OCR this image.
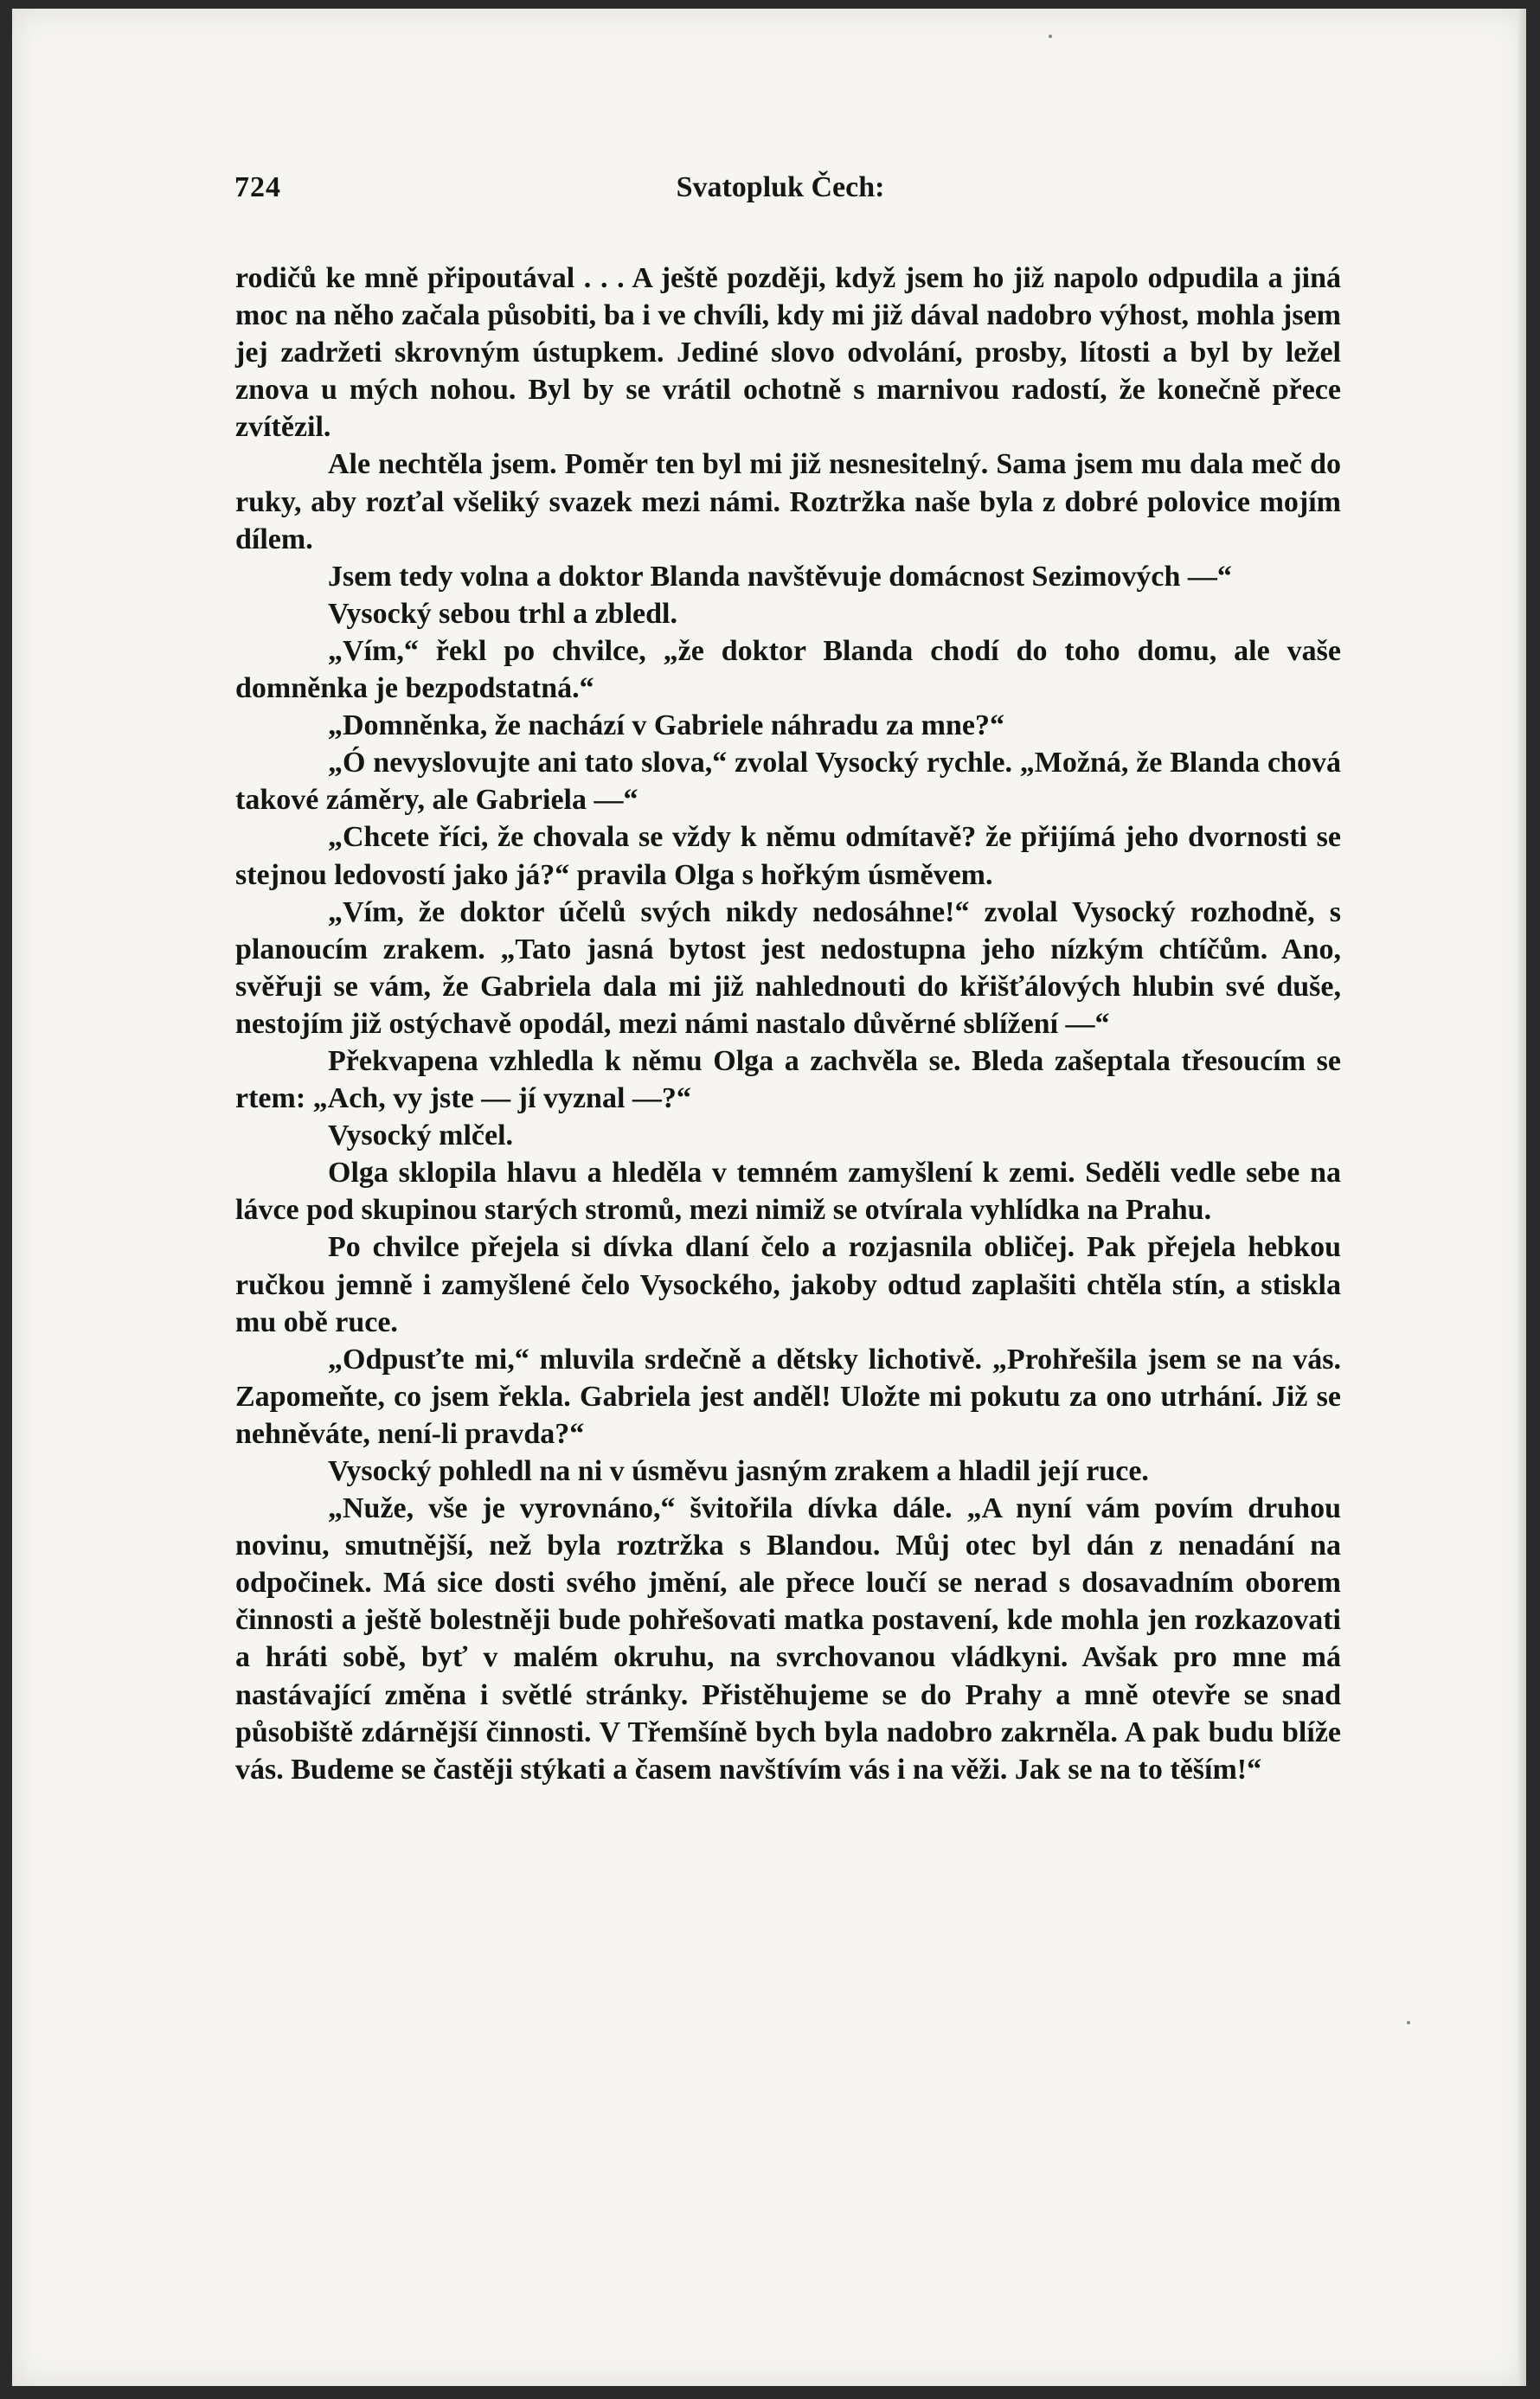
724	Svatopluk Čech:

rodičů ke mně připoutával . . . A ještě později, když jsem ho již napolo odpudila a jiná moc na něho začala působiti, ba i ve chvíli, kdy mi již dával nadobro výhost, mohla jsem jej zadržeti skrovným ústupkem. Jediné slovo odvolání, prosby, lítosti a byl by ležel znova u mých nohou. Byl by se vrátil ochotně s marnivou radostí, že konečně přece zvítězil.

Ale nechtěla jsem. Poměr ten byl mi již nesnesitelný. Sama jsem mu dala meč do ruky, aby rozťal všeliký svazek mezi námi. Roztržka naše byla z dobré polovice mojím dílem.

Jsem tedy volna a doktor Blanda navštěvuje domácnost Sezimových —“

Vysocký sebou trhl a zbledl.

„Vím,“ řekl po chvilce, „že doktor Blanda chodí do toho domu, ale vaše domněnka je bezpodstatná.“

„Domněnka, že nachází v Gabriele náhradu za mne?“

„Ó nevyslovujte ani tato slova,“ zvolal Vysocký rychle. „Možná, že Blanda chová takové záměry, ale Gabriela —“

„Chcete říci, že chovala se vždy k němu odmítavě? že přijímá jeho dvornosti se stejnou ledovostí jako já?“ pravila Olga s hořkým úsměvem.

„Vím, že doktor účelů svých nikdy nedosáhne!“ zvolal Vysocký rozhodně, s planoucím zrakem. „Tato jasná bytost jest nedostupna jeho nízkým chtíčům. Ano, svěřuji se vám, že Gabriela dala mi již nahlednouti do křišťálových hlubin své duše, nestojím již ostýchavě opodál, mezi námi nastalo důvěrné sblížení —“

Překvapena vzhledla k němu Olga a zachvěla se. Bleda zašeptala třesoucím se rtem: „Ach, vy jste — jí vyznal —?“

Vysocký mlčel.

Olga sklopila hlavu a hleděla v temném zamyšlení k zemi. Seděli vedle sebe na lávce pod skupinou starých stromů, mezi nimiž se otvírala vyhlídka na Prahu.

Po chvilce přejela si dívka dlaní čelo a rozjasnila obličej. Pak přejela hebkou ručkou jemně i zamyšlené čelo Vysockého, jakoby odtud zaplašiti chtěla stín, a stiskla mu obě ruce.

„Odpusťte mi,“ mluvila srdečně a dětsky lichotivě. „Prohřešila jsem se na vás. Zapomeňte, co jsem řekla. Gabriela jest anděl! Uložte mi pokutu za ono utrhání. Již se nehněváte, není-li pravda?“

Vysocký pohledl na ni v úsměvu jasným zrakem a hladil její ruce.

„Nuže, vše je vyrovnáno,“ švitořila dívka dále. „A nyní vám povím druhou novinu, smutnější, než byla roztržka s Blandou. Můj otec byl dán z nenadání na odpočinek. Má sice dosti svého jmění, ale přece loučí se nerad s dosavadním oborem činnosti a ještě bolestněji bude pohřešovati matka postavení, kde mohla jen rozkazovati a hráti sobě, byť v malém okruhu, na svrchovanou vládkyni. Avšak pro mne má nastávající změna i světlé stránky. Přistěhujeme se do Prahy a mně otevře se snad působiště zdárnější činnosti. V Třemšíně bych byla nadobro zakrněla. A pak budu blíže vás. Budeme se častěji stýkati a časem navštívím vás i na věži. Jak se na to těším!“
